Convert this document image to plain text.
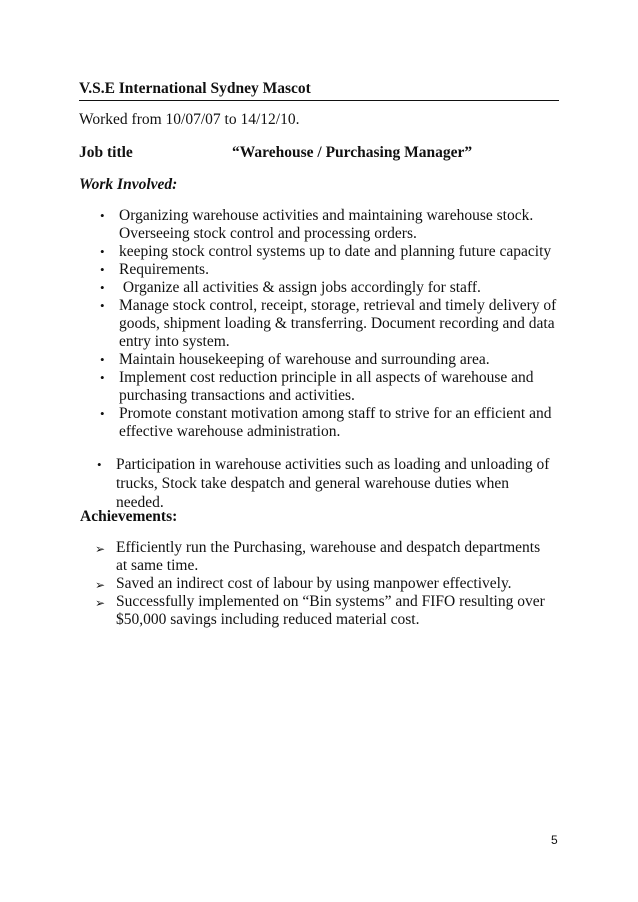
V.S.E International Sydney Mascot
Worked from 10/07/07 to 14/12/10.
Job title	“Warehouse / Purchasing Manager”
Work Involved:
• Organizing warehouse activities and maintaining warehouse stock. Overseeing stock control and processing orders.
• keeping stock control systems up to date and planning future capacity
• Requirements.
• Organize all activities & assign jobs accordingly for staff.
• Manage stock control, receipt, storage, retrieval and timely delivery of goods, shipment loading & transferring. Document recording and data entry into system.
• Maintain housekeeping of warehouse and surrounding area.
• Implement cost reduction principle in all aspects of warehouse and purchasing transactions and activities.
• Promote constant motivation among staff to strive for an efficient and effective warehouse administration.
• Participation in warehouse activities such as loading and unloading of trucks, Stock take despatch and general warehouse duties when needed.
Achievements:
➢ Efficiently run the Purchasing, warehouse and despatch departments at same time.
➢ Saved an indirect cost of labour by using manpower effectively.
➢ Successfully implemented on “Bin systems” and FIFO resulting over $50,000 savings including reduced material cost.
5
